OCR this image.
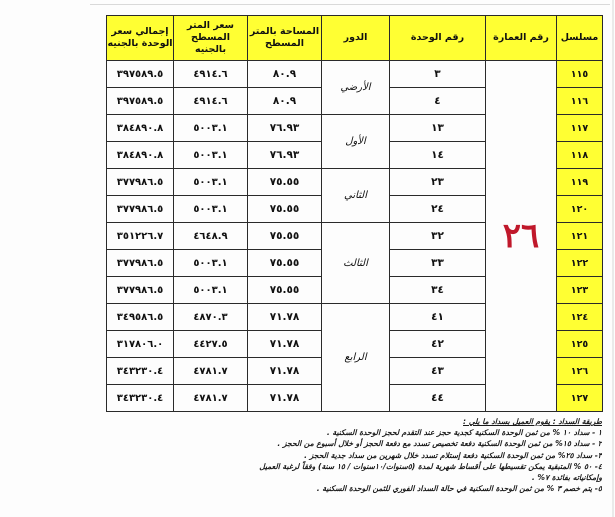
مسلسل	رقم العمارة	رقم الوحدة	الدور	المساحة بالمتر المسطح	سعر المتر المسطح بالجنيه	إجمالي سعر الوحدة بالجنيه
١١٥	٢٦	٣	الأرضي	٨٠.٩	٤٩١٤.٦	٣٩٧٥٨٩.٥
١١٦		٤		٨٠.٩	٤٩١٤.٦	٣٩٧٥٨٩.٥
١١٧		١٣	الأول	٧٦.٩٣	٥٠٠٣.١	٣٨٤٨٩٠.٨
١١٨		١٤		٧٦.٩٣	٥٠٠٣.١	٣٨٤٨٩٠.٨
١١٩		٢٣	الثاني	٧٥.٥٥	٥٠٠٣.١	٣٧٧٩٨٦.٥
١٢٠		٢٤		٧٥.٥٥	٥٠٠٣.١	٣٧٧٩٨٦.٥
١٢١		٣٢	الثالث	٧٥.٥٥	٤٦٤٨.٩	٣٥١٢٢٦.٧
١٢٢		٣٣		٧٥.٥٥	٥٠٠٣.١	٣٧٧٩٨٦.٥
١٢٣		٣٤		٧٥.٥٥	٥٠٠٣.١	٣٧٧٩٨٦.٥
١٢٤		٤١	الرابع	٧١.٧٨	٤٨٧٠.٣	٣٤٩٥٨٦.٥
١٢٥		٤٢		٧١.٧٨	٤٤٢٧.٥	٣١٧٨٠٦.٠
١٢٦		٤٣		٧١.٧٨	٤٧٨١.٧	٣٤٣٢٣٠.٤
١٢٧		٤٤		٧١.٧٨	٤٧٨١.٧	٣٤٣٢٣٠.٤
طريقة السداد : يقوم العميل بسداد ما يلي :
١ - سداد ١٠ % من ثمن الوحدة السكنية كجدية حجز عند التقدم لحجز الوحدة السكنية .
٢ - سداد ١٥% من ثمن الوحدة السكنية دفعة تخصيص تسدد مع دفعة الحجز أو خلال أسبوع من الحجز .
٣- سداد ٢٥% من ثمن الوحدة السكنية دفعة إستلام تسدد خلال شهرين من سداد جدية الحجز .
٤- ٥٠ % المتبقية يمكن تقسيطها على أقساط شهرية لمدة (٥سنوات/١٠سنوات / ١٥ سنة) وفقاً لرغبة العميل
وإمكانياته بفائدة ٧% .
٥- يتم خصم ٣ % من ثمن الوحدة السكنية في حالة السداد الفوري للثمن الوحدة السكنية .
